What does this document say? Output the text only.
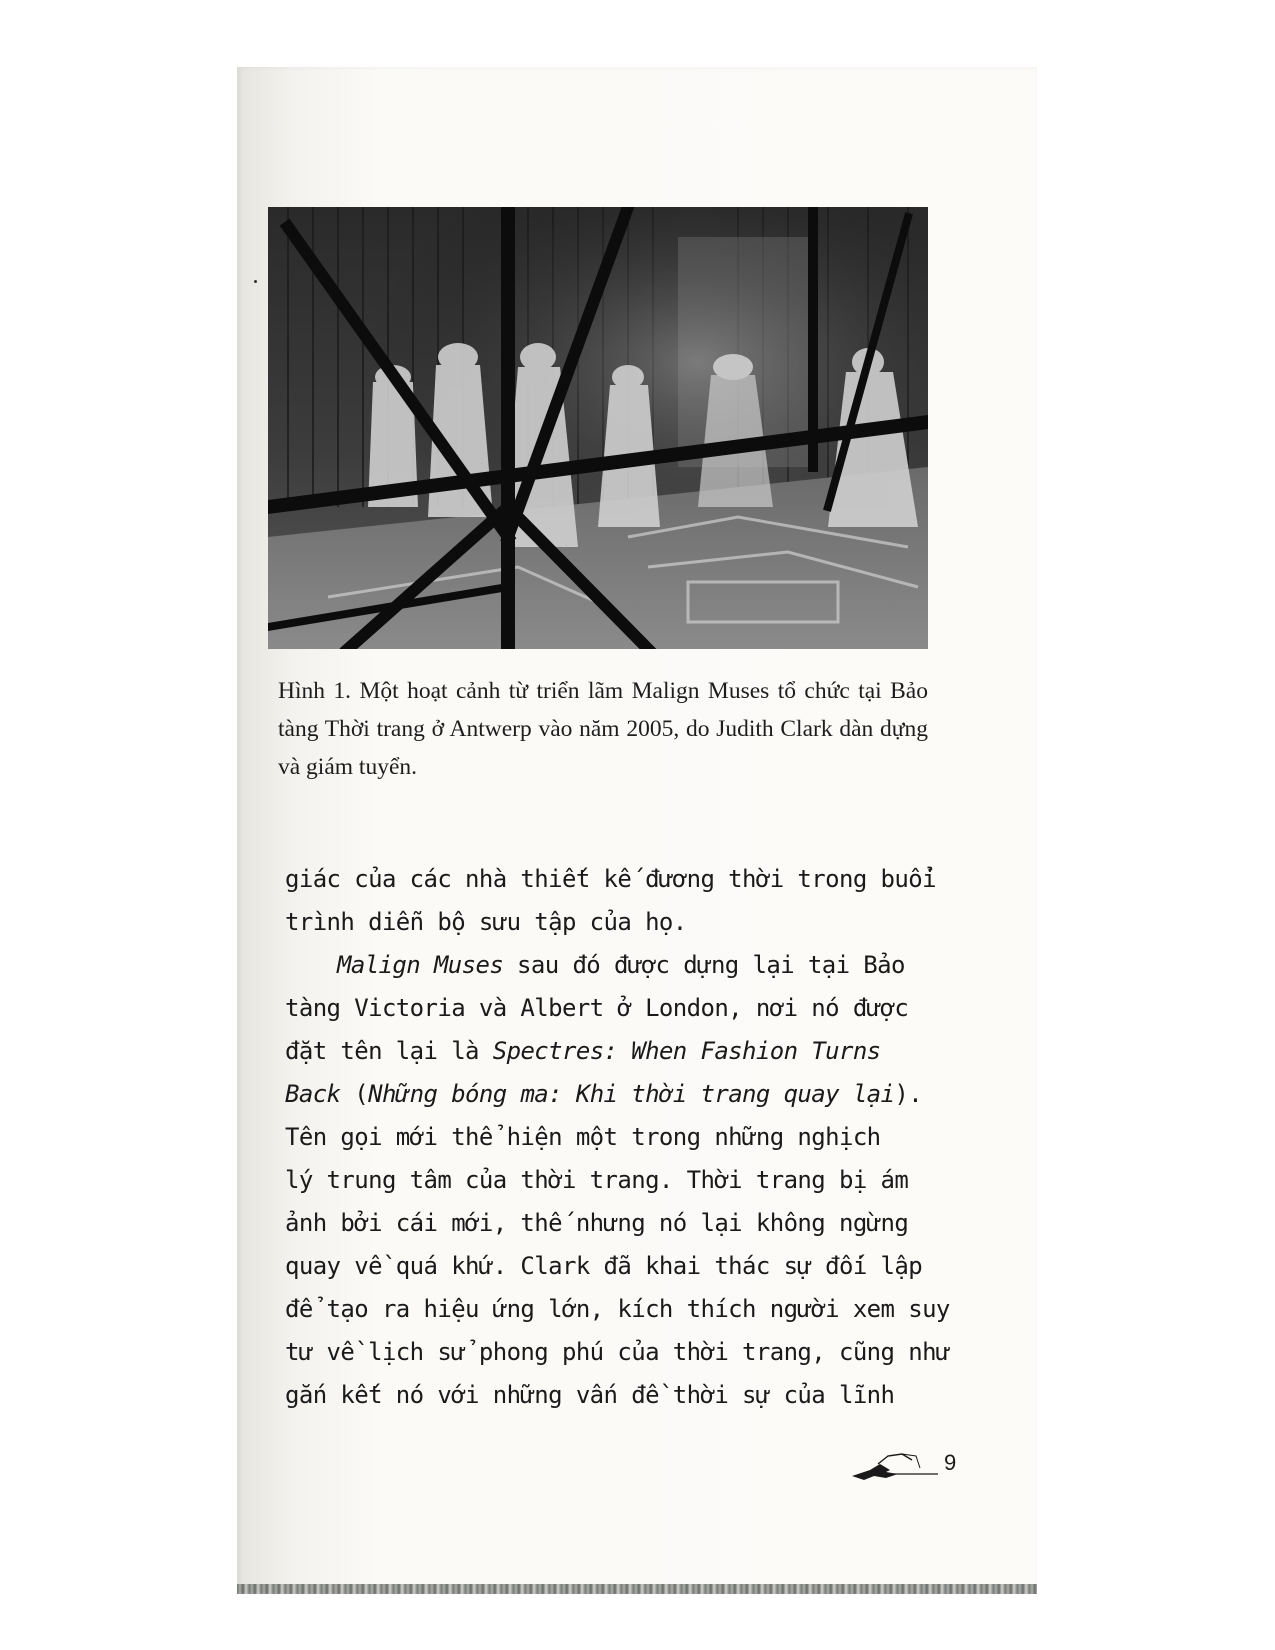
Hình 1. Một hoạt cảnh từ triển lãm Malign Muses tổ chức tại Bảo tàng Thời trang ở Antwerp vào năm 2005, do Judith Clark dàn dựng và giám tuyển.

giác của các nhà thiết kế đương thời trong buổi
trình diễn bộ sưu tập của họ.

Malign Muses sau đó được dựng lại tại Bảo
tàng Victoria và Albert ở London, nơi nó được
đặt tên lại là Spectres: When Fashion Turns
Back (Những bóng ma: Khi thời trang quay lại).
Tên gọi mới thể hiện một trong những nghịch
lý trung tâm của thời trang. Thời trang bị ám
ảnh bởi cái mới, thế nhưng nó lại không ngừng
quay về quá khứ. Clark đã khai thác sự đối lập
để tạo ra hiệu ứng lớn, kích thích người xem suy
tư về lịch sử phong phú của thời trang, cũng như
gắn kết nó với những vấn đề thời sự của lĩnh

9
